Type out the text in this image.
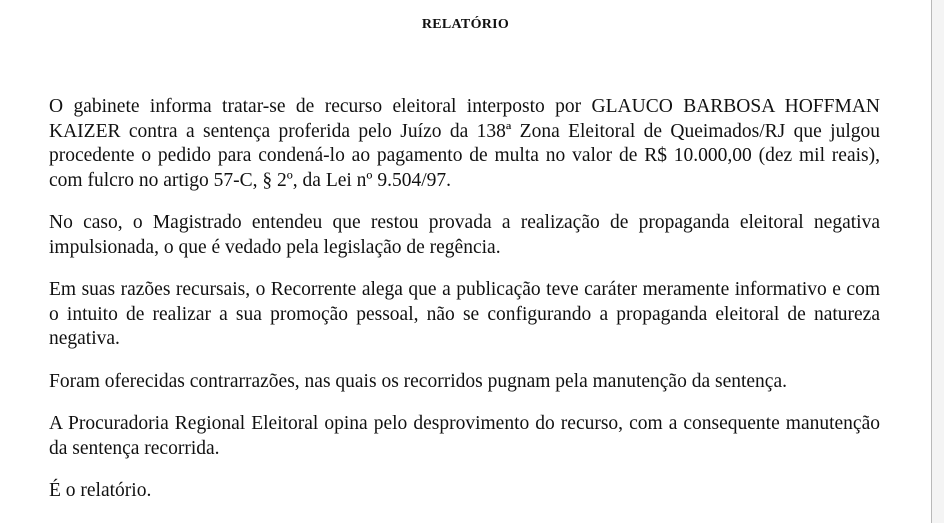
RELATÓRIO

O gabinete informa tratar-se de recurso eleitoral interposto por GLAUCO BARBOSA HOFFMAN KAIZER contra a sentença proferida pelo Juízo da 138ª Zona Eleitoral de Queimados/RJ que julgou procedente o pedido para condená-lo ao pagamento de multa no valor de R$ 10.000,00 (dez mil reais), com fulcro no artigo 57-C, § 2º, da Lei nº 9.504/97.

No caso, o Magistrado entendeu que restou provada a realização de propaganda eleitoral negativa impulsionada, o que é vedado pela legislação de regência.

Em suas razões recursais, o Recorrente alega que a publicação teve caráter meramente informativo e com o intuito de realizar a sua promoção pessoal, não se configurando a propaganda eleitoral de natureza negativa.

Foram oferecidas contrarrazões, nas quais os recorridos pugnam pela manutenção da sentença.

A Procuradoria Regional Eleitoral opina pelo desprovimento do recurso, com a consequente manutenção da sentença recorrida.

É o relatório.
